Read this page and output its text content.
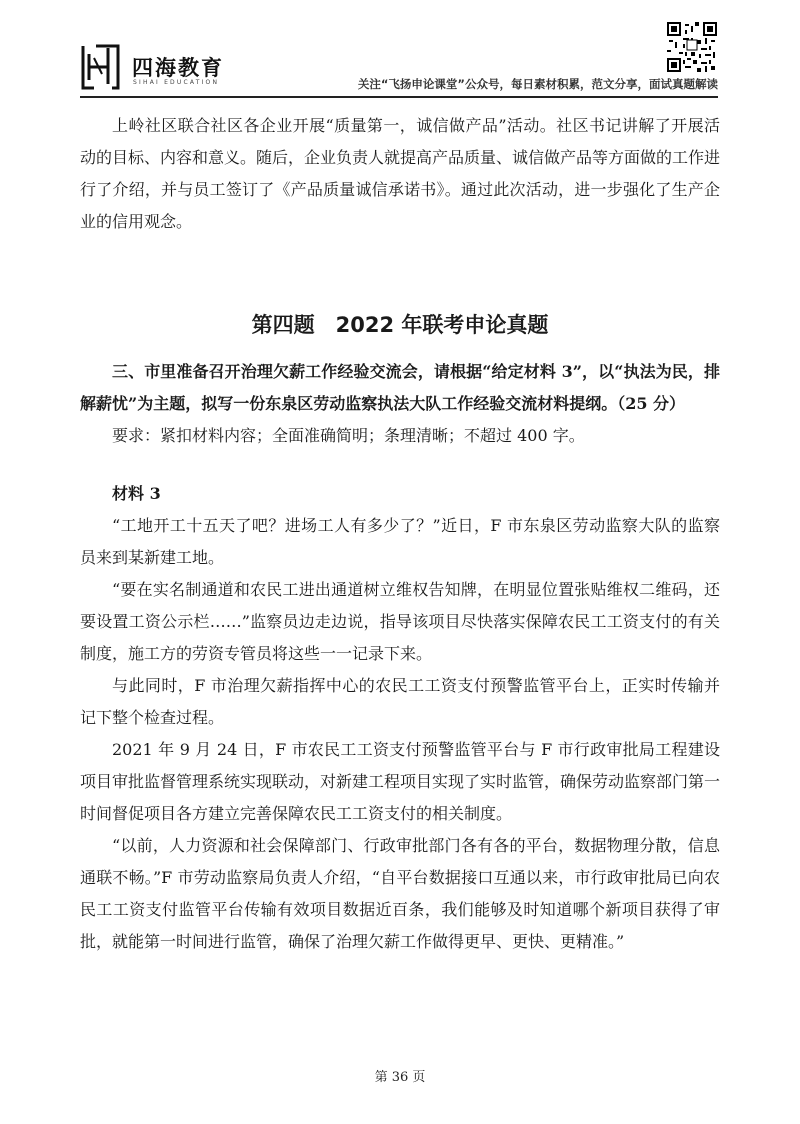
四海教育
SIHAI EDUCATION	关注“飞扬申论课堂”公众号，每日素材积累，范文分享，面试真题解读

上岭社区联合社区各企业开展“质量第一，诚信做产品”活动。社区书记讲解了开展活动的目标、内容和意义。随后，企业负责人就提高产品质量、诚信做产品等方面做的工作进行了介绍，并与员工签订了《产品质量诚信承诺书》。通过此次活动，进一步强化了生产企业的信用观念。

第四题　2022 年联考申论真题

三、市里准备召开治理欠薪工作经验交流会，请根据“给定材料 3”，以“执法为民，排解薪忧”为主题，拟写一份东泉区劳动监察执法大队工作经验交流材料提纲。（25 分）

要求：紧扣材料内容；全面准确简明；条理清晰；不超过 400 字。

材料 3

“工地开工十五天了吧？进场工人有多少了？”近日，F 市东泉区劳动监察大队的监察员来到某新建工地。

“要在实名制通道和农民工进出通道树立维权告知牌，在明显位置张贴维权二维码，还要设置工资公示栏……”监察员边走边说，指导该项目尽快落实保障农民工工资支付的有关制度，施工方的劳资专管员将这些一一记录下来。

与此同时，F 市治理欠薪指挥中心的农民工工资支付预警监管平台上，正实时传输并记下整个检查过程。

2021 年 9 月 24 日，F 市农民工工资支付预警监管平台与 F 市行政审批局工程建设项目审批监督管理系统实现联动，对新建工程项目实现了实时监管，确保劳动监察部门第一时间督促项目各方建立完善保障农民工工资支付的相关制度。

“以前，人力资源和社会保障部门、行政审批部门各有各的平台，数据物理分散，信息通联不畅。”F 市劳动监察局负责人介绍，“自平台数据接口互通以来，市行政审批局已向农民工工资支付监管平台传输有效项目数据近百条，我们能够及时知道哪个新项目获得了审批，就能第一时间进行监管，确保了治理欠薪工作做得更早、更快、更精准。”

第 36 页
